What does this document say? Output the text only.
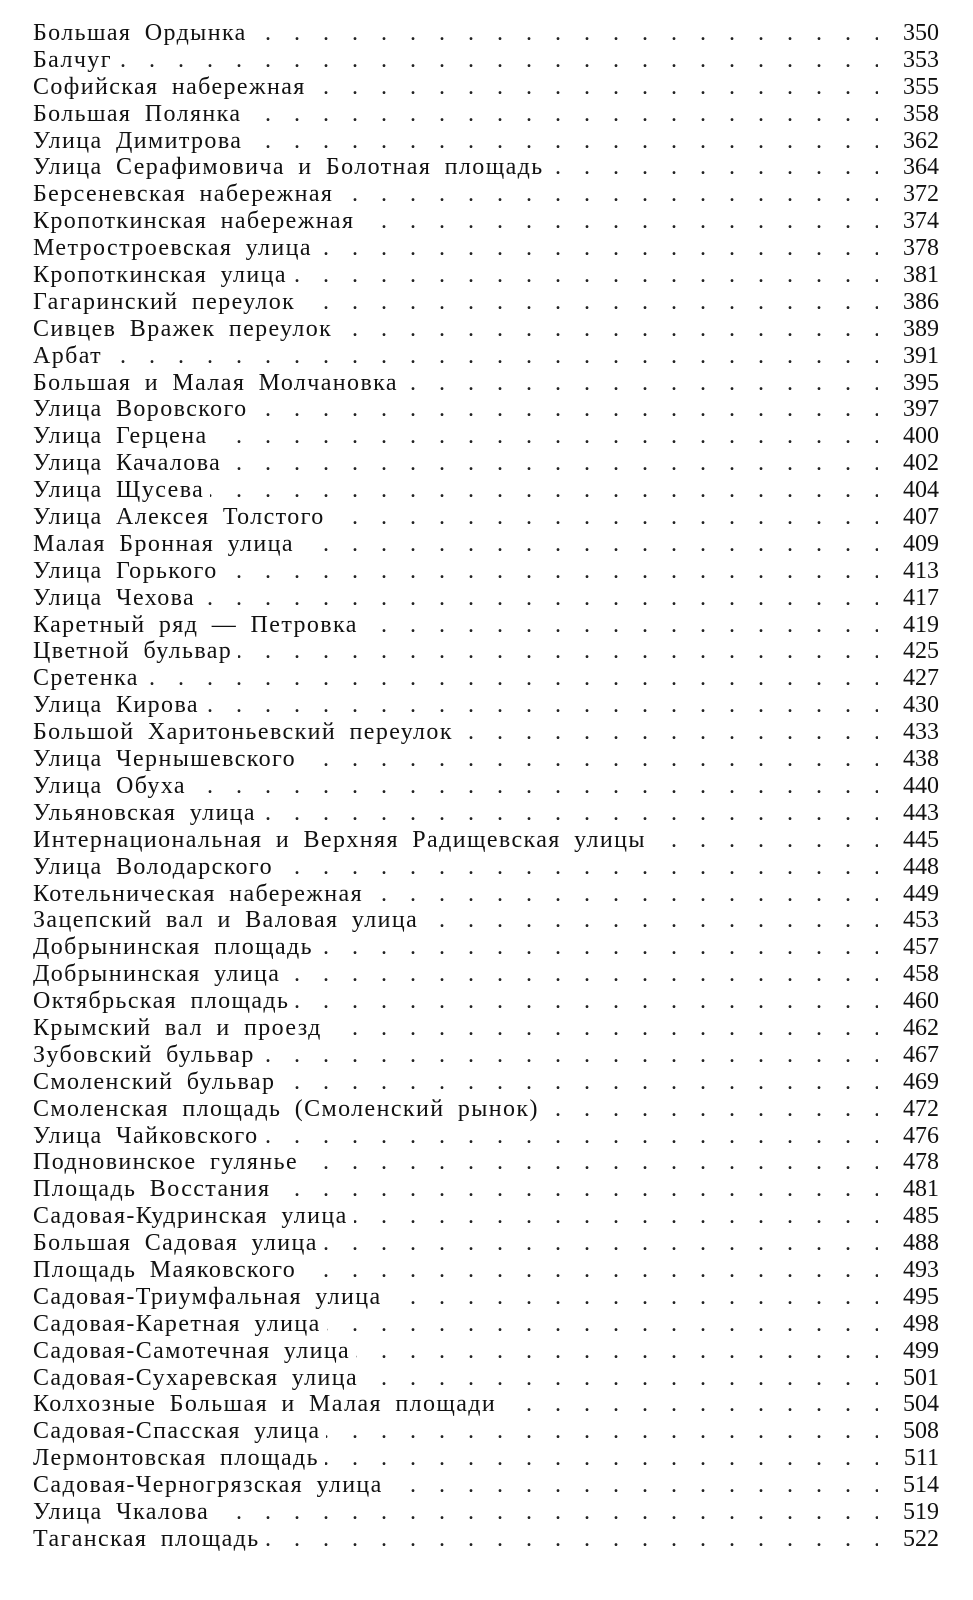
. . .
Большая Ордынка	350
. . .
Балчуг	353
. . .
Софийская набережная	355
. . .
Большая Полянка	358
. . .
Улица Димитрова	362
. . .
Улица Серафимовича и Болотная площадь	364
. . .
Берсеневская набережная	372
. . .
Кропоткинская набережная	374
. . .
Метростроевская улица	378
. . .
Кропоткинская улица	381
. . .
Гагаринский переулок	386
. . .
Сивцев Вражек переулок	389
. . .
Арбат	391
. . .
Большая и Малая Молчановка	395
. . .
Улица Воровского	397
. . .
Улица Герцена	400
. . .
Улица Качалова	402
. . .
Улица Щусева	404
. . .
Улица Алексея Толстого	407
. . .
Малая Бронная улица	409
. . .
Улица Горького	413
. . .
Улица Чехова	417
. . .
Каретный ряд — Петровка	419
. . .
Цветной бульвар	425
. . .
Сретенка	427
. . .
Улица Кирова	430
. . .
Большой Харитоньевский переулок	433
. . .
Улица Чернышевского	438
. . .
Улица Обуха	440
. . .
Ульяновская улица	443
. . .
Интернациональная и Верхняя Радищевская улицы	445
. . .
Улица Володарского	448
. . .
Котельническая набережная	449
. . .
Зацепский вал и Валовая улица	453
. . .
Добрынинская площадь	457
. . .
Добрынинская улица	458
. . .
Октябрьская площадь	460
. . .
Крымский вал и проезд	462
. . .
Зубовский бульвар	467
. . .
Смоленский бульвар	469
. . .
Смоленская площадь (Смоленский рынок)	472
. . .
Улица Чайковского	476
. . .
Подновинское гулянье	478
. . .
Площадь Восстания	481
. . .
Садовая-Кудринская улица	485
. . .
Большая Садовая улица	488
. . .
Площадь Маяковского	493
. . .
Садовая-Триумфальная улица	495
. . .
Садовая-Каретная улица	498
. . .
Садовая-Самотечная улица	499
. . .
Садовая-Сухаревская улица	501
. . .
Колхозные Большая и Малая площади	504
. . .
Садовая-Спасская улица	508
. . .
Лермонтовская площадь	511
. . .
Садовая-Черногрязская улица	514
. . .
Улица Чкалова	519
. . .
Таганская площадь	522
